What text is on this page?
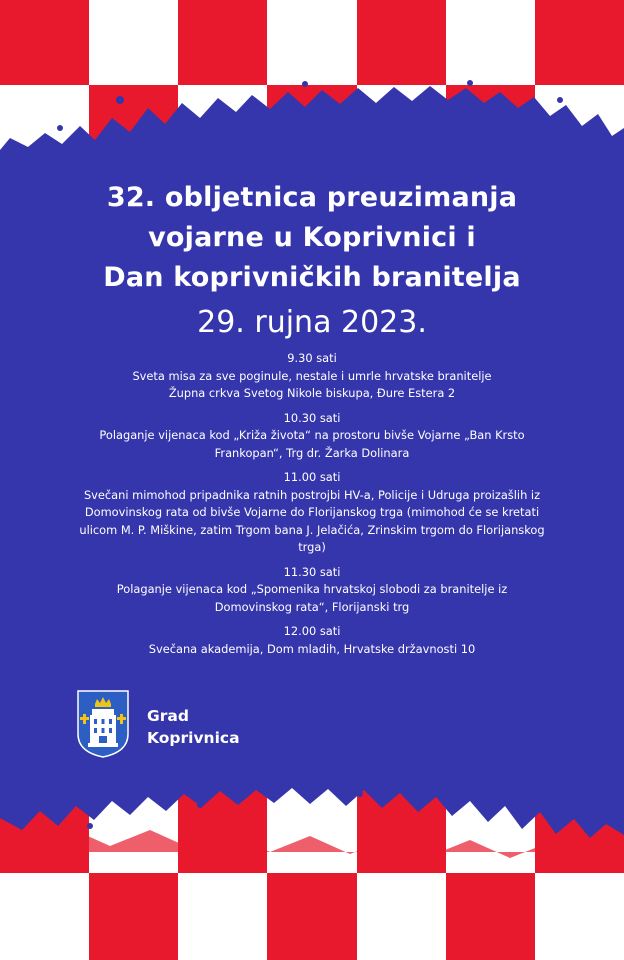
32. obljetnica preuzimanja
vojarne u Koprivnici i
Dan koprivničkih branitelja
29. rujna 2023.
9.30 sati
Sveta misa za sve poginule, nestale i umrle hrvatske branitelje
Župna crkva Svetog Nikole biskupa, Đure Estera 2
10.30 sati
Polaganje vijenaca kod „Križa života“ na prostoru bivše Vojarne „Ban Krsto
Frankopan“, Trg dr. Žarka Dolinara
11.00 sati
Svečani mimohod pripadnika ratnih postrojbi HV-a, Policije i Udruga proizašlih iz
Domovinskog rata od bivše Vojarne do Florijanskog trga (mimohod će se kretati
ulicom M. P. Miškine, zatim Trgom bana J. Jelačića, Zrinskim trgom do Florijanskog
trga)
11.30 sati
Polaganje vijenaca kod „Spomenika hrvatskoj slobodi za branitelje iz
Domovinskog rata“, Florijanski trg
12.00 sati
Svečana akademija, Dom mladih, Hrvatske državnosti 10
Grad
Koprivnica
